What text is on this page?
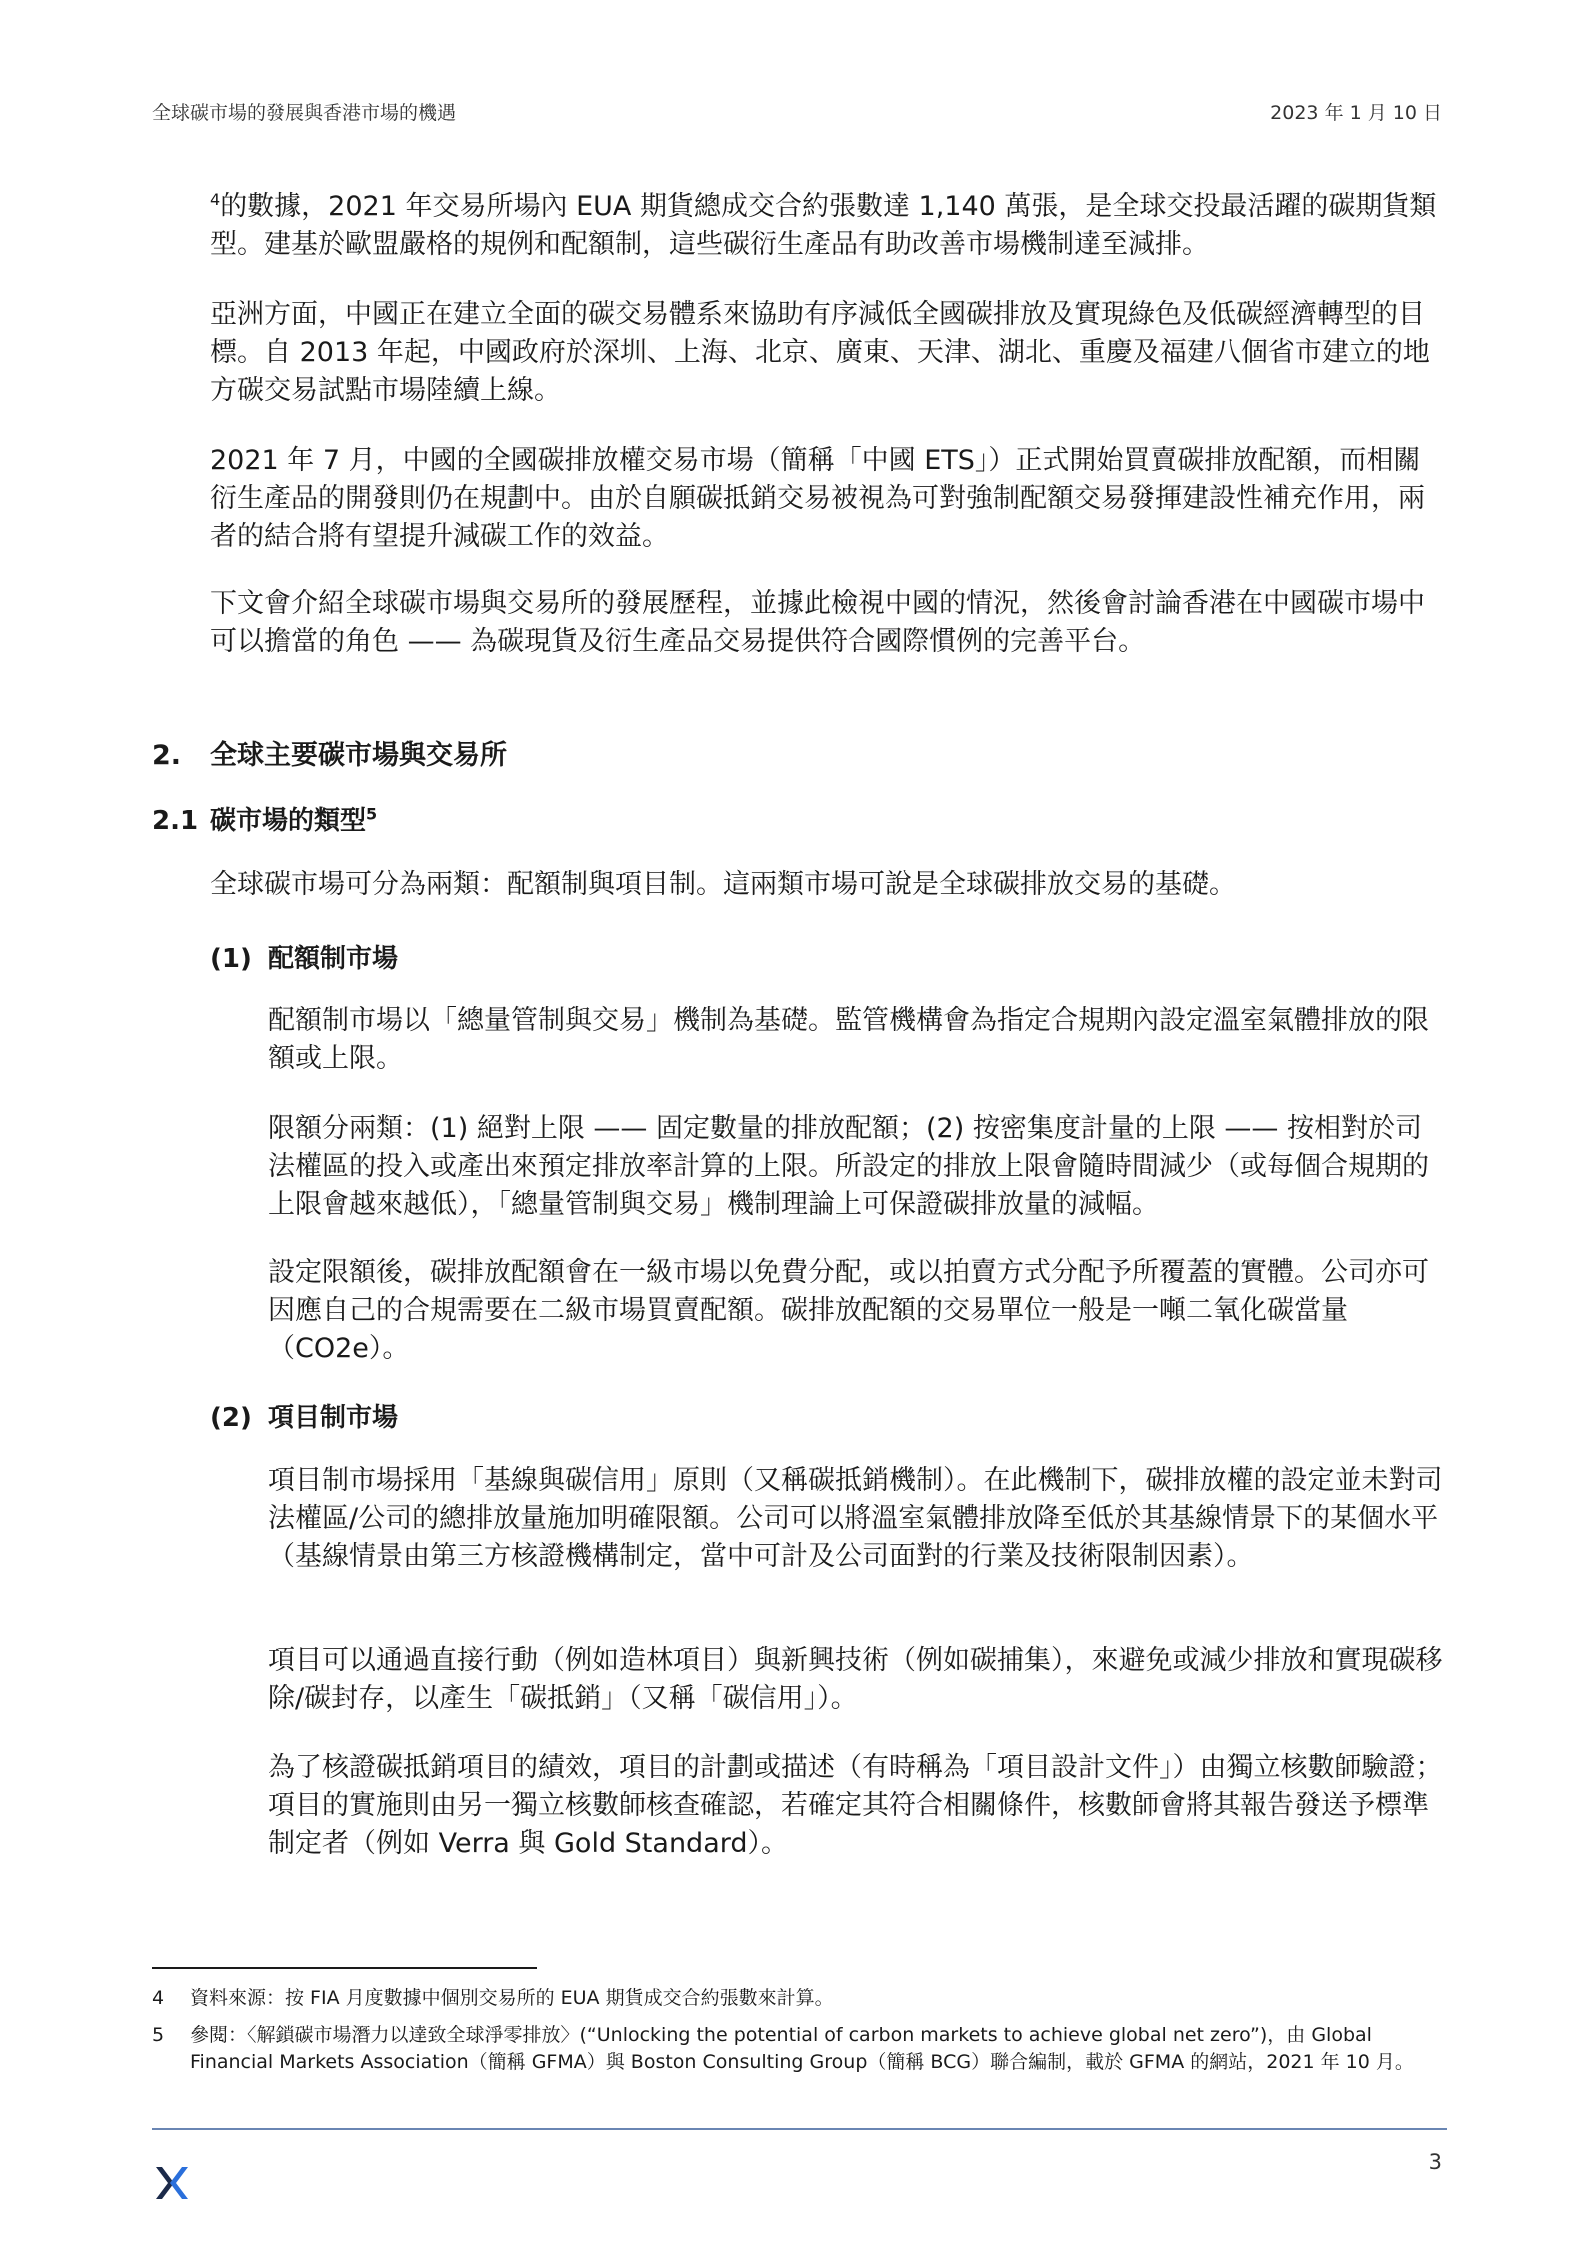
全球碳市場的發展與香港市場的機遇	2023 年 1 月 10 日

$^4$的數據，2021 年交易所場內 EUA 期貨總成交合約張數達 1,140 萬張，是全球交投最活躍的碳期貨類型。建基於歐盟嚴格的規例和配額制，這些碳衍生產品有助改善市場機制達至減排。

亞洲方面，中國正在建立全面的碳交易體系來協助有序減低全國碳排放及實現綠色及低碳經濟轉型的目標。自 2013 年起，中國政府於深圳、上海、北京、廣東、天津、湖北、重慶及福建八個省市建立的地方碳交易試點市場陸續上線。

2021 年 7 月，中國的全國碳排放權交易市場（簡稱「中國 ETS」）正式開始買賣碳排放配額，而相關衍生產品的開發則仍在規劃中。由於自願碳抵銷交易被視為可對強制配額交易發揮建設性補充作用，兩者的結合將有望提升減碳工作的效益。

下文會介紹全球碳市場與交易所的發展歷程，並據此檢視中國的情況，然後會討論香港在中國碳市場中可以擔當的角色 —— 為碳現貨及衍生產品交易提供符合國際慣例的完善平台。

2. 全球主要碳市場與交易所
2.1 碳市場的類型$^5$

全球碳市場可分為兩類：配額制與項目制。這兩類市場可說是全球碳排放交易的基礎。

(1) 配額制市場

配額制市場以「總量管制與交易」機制為基礎。監管機構會為指定合規期內設定溫室氣體排放的限額或上限。

限額分兩類：(1) 絕對上限 —— 固定數量的排放配額；(2) 按密集度計量的上限 —— 按相對於司法權區的投入或產出來預定排放率計算的上限。所設定的排放上限會隨時間減少（或每個合規期的上限會越來越低），「總量管制與交易」機制理論上可保證碳排放量的減幅。

設定限額後，碳排放配額會在一級市場以免費分配，或以拍賣方式分配予所覆蓋的實體。公司亦可因應自己的合規需要在二級市場買賣配額。碳排放配額的交易單位一般是一噸二氧化碳當量（CO2e）。

(2) 項目制市場

項目制市場採用「基線與碳信用」原則（又稱碳抵銷機制）。在此機制下，碳排放權的設定並未對司法權區/公司的總排放量施加明確限額。公司可以將溫室氣體排放降至低於其基線情景下的某個水平（基線情景由第三方核證機構制定，當中可計及公司面對的行業及技術限制因素）。

項目可以通過直接行動（例如造林項目）與新興技術（例如碳捕集），來避免或減少排放和實現碳移除/碳封存，以產生「碳抵銷」（又稱「碳信用」）。

為了核證碳抵銷項目的績效，項目的計劃或描述（有時稱為「項目設計文件」）由獨立核數師驗證；項目的實施則由另一獨立核數師核查確認，若確定其符合相關條件，核數師會將其報告發送予標準制定者（例如 Verra 與 Gold Standard）。

4	資料來源：按 FIA 月度數據中個別交易所的 EUA 期貨成交合約張數來計算。
5	參閱：〈解鎖碳市場潛力以達致全球淨零排放〉(“Unlocking the potential of carbon markets to achieve global net zero”)，由 Global Financial Markets Association（簡稱 GFMA）與 Boston Consulting Group（簡稱 BCG）聯合編制，載於 GFMA 的網站，2021 年 10 月。
3
